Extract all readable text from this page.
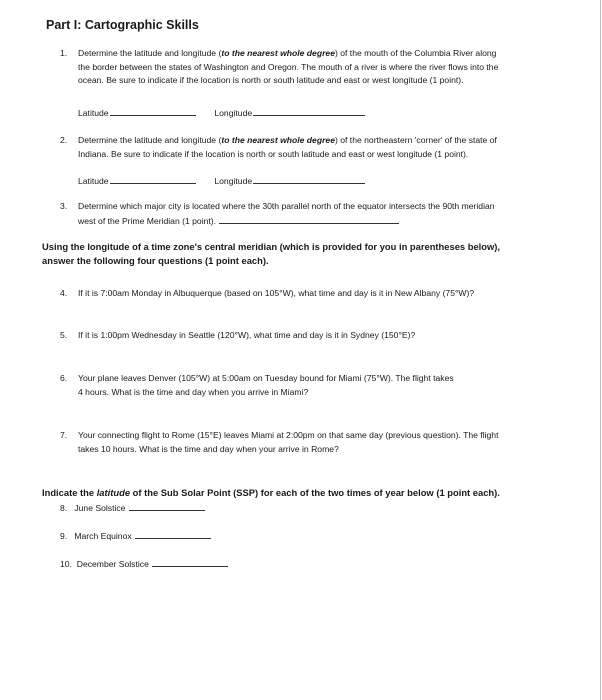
Part I: Cartographic Skills
1. Determine the latitude and longitude (to the nearest whole degree) of the mouth of the Columbia River along
the border between the states of Washington and Oregon. The mouth of a river is where the river flows into the
ocean. Be sure to indicate if the location is north or south latitude and east or west longitude (1 point).
Latitude	Longitude
2. Determine the latitude and longitude (to the nearest whole degree) of the northeastern 'corner' of the state of
Indiana. Be sure to indicate if the location is north or south latitude and east or west longitude (1 point).
Latitude	Longitude
3. Determine which major city is located where the 30th parallel north of the equator intersects the 90th meridian
west of the Prime Meridian (1 point).
Using the longitude of a time zone's central meridian (which is provided for you in parentheses below),
answer the following four questions (1 point each).
4. If it is 7:00am Monday in Albuquerque (based on 105°W), what time and day is it in New Albany (75°W)?
5. If it is 1:00pm Wednesday in Seattle (120°W), what time and day is it in Sydney (150°E)?
6. Your plane leaves Denver (105°W) at 5:00am on Tuesday bound for Miami (75°W). The flight takes
4 hours. What is the time and day when you arrive in Miami?
7. Your connecting flight to Rome (15°E) leaves Miami at 2:00pm on that same day (previous question). The flight
takes 10 hours. What is the time and day when your arrive in Rome?
Indicate the latitude of the Sub Solar Point (SSP) for each of the two times of year below (1 point each).
8. June Solstice
9. March Equinox
10. December Solstice
